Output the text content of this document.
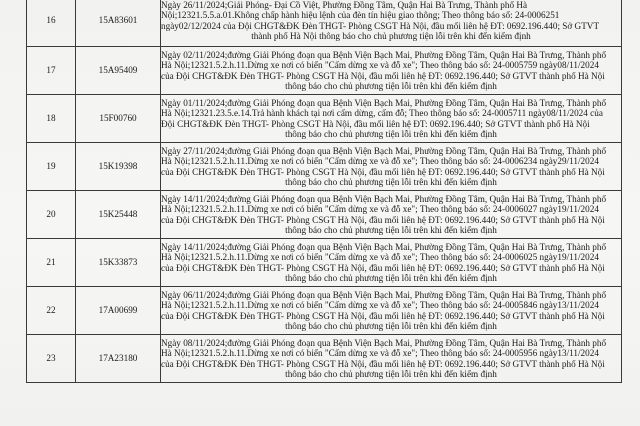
16	15A83601	Ngày 26/11/2024;Giải Phóng- Đại Cồ Việt, Phường Đồng Tâm, Quận Hai Bà Trưng, Thành phố Hà
Nội;12321.5.5.a.01.Không chấp hành hiệu lệnh của đèn tín hiệu giao thông; Theo thông báo số: 24-0006251
ngày02/12/2024 của Đội CHGT&ĐK Đèn THGT- Phòng CSGT Hà Nội, đầu mối liên hệ ĐT: 0692.196.440; Sở GTVT
thành phố Hà Nội thông báo cho chủ phương tiện lỗi trên khi đến kiểm định

17	15A95409	Ngày 02/11/2024;đường Giải Phóng đoạn qua Bệnh Viện Bạch Mai, Phường Đồng Tâm, Quận Hai Bà Trưng, Thành phố
Hà Nội;12321.5.2.h.11.Dừng xe nơi có biển "Cấm dừng xe và đỗ xe"; Theo thông báo số: 24-0005759 ngày08/11/2024
của Đội CHGT&ĐK Đèn THGT- Phòng CSGT Hà Nội, đầu mối liên hệ ĐT: 0692.196.440; Sở GTVT thành phố Hà Nội
thông báo cho chủ phương tiện lỗi trên khi đến kiểm định

18	15F00760	Ngày 01/11/2024;đường Giải Phóng đoạn qua Bệnh Viện Bạch Mai, Phường Đồng Tâm, Quận Hai Bà Trưng, Thành phố
Hà Nội;12321.23.5.e.14.Trả hành khách tại nơi cấm dừng, cấm đỗ; Theo thông báo số: 24-0005711 ngày08/11/2024 của
Đội CHGT&ĐK Đèn THGT- Phòng CSGT Hà Nội, đầu mối liên hệ ĐT: 0692.196.440; Sở GTVT thành phố Hà Nội
thông báo cho chủ phương tiện lỗi trên khi đến kiểm định

19	15K19398	Ngày 27/11/2024;đường Giải Phóng đoạn qua Bệnh Viện Bạch Mai, Phường Đồng Tâm, Quận Hai Bà Trưng, Thành phố
Hà Nội;12321.5.2.h.11.Dừng xe nơi có biển "Cấm dừng xe và đỗ xe"; Theo thông báo số: 24-0006234 ngày29/11/2024
của Đội CHGT&ĐK Đèn THGT- Phòng CSGT Hà Nội, đầu mối liên hệ ĐT: 0692.196.440; Sở GTVT thành phố Hà Nội
thông báo cho chủ phương tiện lỗi trên khi đến kiểm định

20	15K25448	Ngày 14/11/2024;đường Giải Phóng đoạn qua Bệnh Viện Bạch Mai, Phường Đồng Tâm, Quận Hai Bà Trưng, Thành phố
Hà Nội;12321.5.2.h.11.Dừng xe nơi có biển "Cấm dừng xe và đỗ xe"; Theo thông báo số: 24-0006027 ngày19/11/2024
của Đội CHGT&ĐK Đèn THGT- Phòng CSGT Hà Nội, đầu mối liên hệ ĐT: 0692.196.440; Sở GTVT thành phố Hà Nội
thông báo cho chủ phương tiện lỗi trên khi đến kiểm định

21	15K33873	Ngày 14/11/2024;đường Giải Phóng đoạn qua Bệnh Viện Bạch Mai, Phường Đồng Tâm, Quận Hai Bà Trưng, Thành phố
Hà Nội;12321.5.2.h.11.Dừng xe nơi có biển "Cấm dừng xe và đỗ xe"; Theo thông báo số: 24-0006025 ngày19/11/2024
của Đội CHGT&ĐK Đèn THGT- Phòng CSGT Hà Nội, đầu mối liên hệ ĐT: 0692.196.440; Sở GTVT thành phố Hà Nội
thông báo cho chủ phương tiện lỗi trên khi đến kiểm định

22	17A00699	Ngày 06/11/2024;đường Giải Phóng đoạn qua Bệnh Viện Bạch Mai, Phường Đồng Tâm, Quận Hai Bà Trưng, Thành phố
Hà Nội;12321.5.2.h.11.Dừng xe nơi có biển "Cấm dừng xe và đỗ xe"; Theo thông báo số: 24-0005846 ngày13/11/2024
của Đội CHGT&ĐK Đèn THGT- Phòng CSGT Hà Nội, đầu mối liên hệ ĐT: 0692.196.440; Sở GTVT thành phố Hà Nội
thông báo cho chủ phương tiện lỗi trên khi đến kiểm định

23	17A23180	Ngày 08/11/2024;đường Giải Phóng đoạn qua Bệnh Viện Bạch Mai, Phường Đồng Tâm, Quận Hai Bà Trưng, Thành phố
Hà Nội;12321.5.2.h.11.Dừng xe nơi có biển "Cấm dừng xe và đỗ xe"; Theo thông báo số: 24-0005956 ngày13/11/2024
của Đội CHGT&ĐK Đèn THGT- Phòng CSGT Hà Nội, đầu mối liên hệ ĐT: 0692.196.440; Sở GTVT thành phố Hà Nội
thông báo cho chủ phương tiện lỗi trên khi đến kiểm định
